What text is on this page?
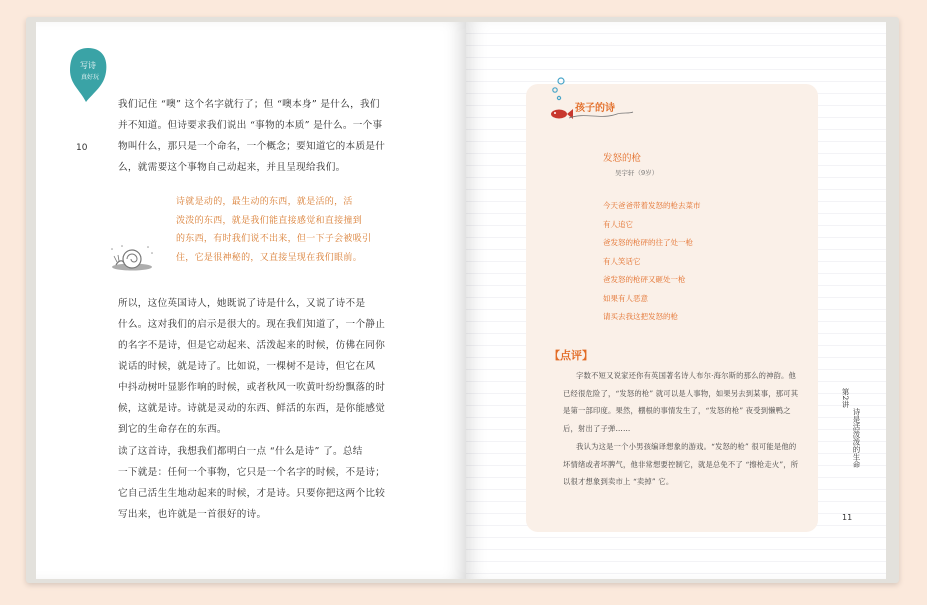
写诗
真好玩
10
我们记住 “噢” 这个名字就行了；但 “噢本身” 是什么，我们
并不知道。但诗要求我们说出 “事物的本质” 是什么。一个事
物叫什么，那只是一个命名，一个概念；要知道它的本质是什
么，就需要这个事物自己动起来，并且呈现给我们。
诗就是动的，最生动的东西，就是活的，活
泼泼的东西，就是我们能直接感觉和直接撞到
的东西，有时我们说不出来，但一下子会被吸引
住，它是很神秘的，又直接呈现在我们眼前。
所以，这位英国诗人，她既说了诗是什么，又说了诗不是
什么。这对我们的启示是很大的。现在我们知道了，一个静止
的名字不是诗，但是它动起来、活泼起来的时候，仿佛在同你
说话的时候，就是诗了。比如说，一棵树不是诗，但它在风
中抖动树叶显影作响的时候，或者秋风一吹黄叶纷纷飘落的时
候，这就是诗。诗就是灵动的东西、鲜活的东西，是你能感觉
到它的生命存在的东西。
读了这首诗，我想我们都明白一点 “什么是诗” 了。总结
一下就是：任何一个事物，它只是一个名字的时候，不是诗；
它自己活生生地动起来的时候，才是诗。只要你把这两个比较
写出来，也许就是一首很好的诗。
孩子的诗
发怒的枪
吴宇轩（9岁）
今天爸爸带着发怒的枪去菜市
有人追它
爸发怒的枪砰的往了处一枪
有人笑话它
爸发怒的枪砰又砸处一枪
如果有人恶意
请买去我这把发怒的枪
【点评】

字数不短又说家还你有英国著名诗人布尔·海尔斯的那么的神韵。他已经很危险了，“发怒的枪” 就可以是人事物，如果另去到某事，那可其是第一部印度。果然，棚根的事情发生了，“发怒的枪” 夜受到懒鸭之后，射出了子弹……

我认为这是一个小男孩编译想象的游戏。“发怒的枪” 很可能是他的坏情绪或者坏脾气，他非常想要控制它，就是总免不了 “擦枪走火”，所以很才想象到卖市上 “卖掉” 它。

第2讲
诗是活泼泼的生命
11
